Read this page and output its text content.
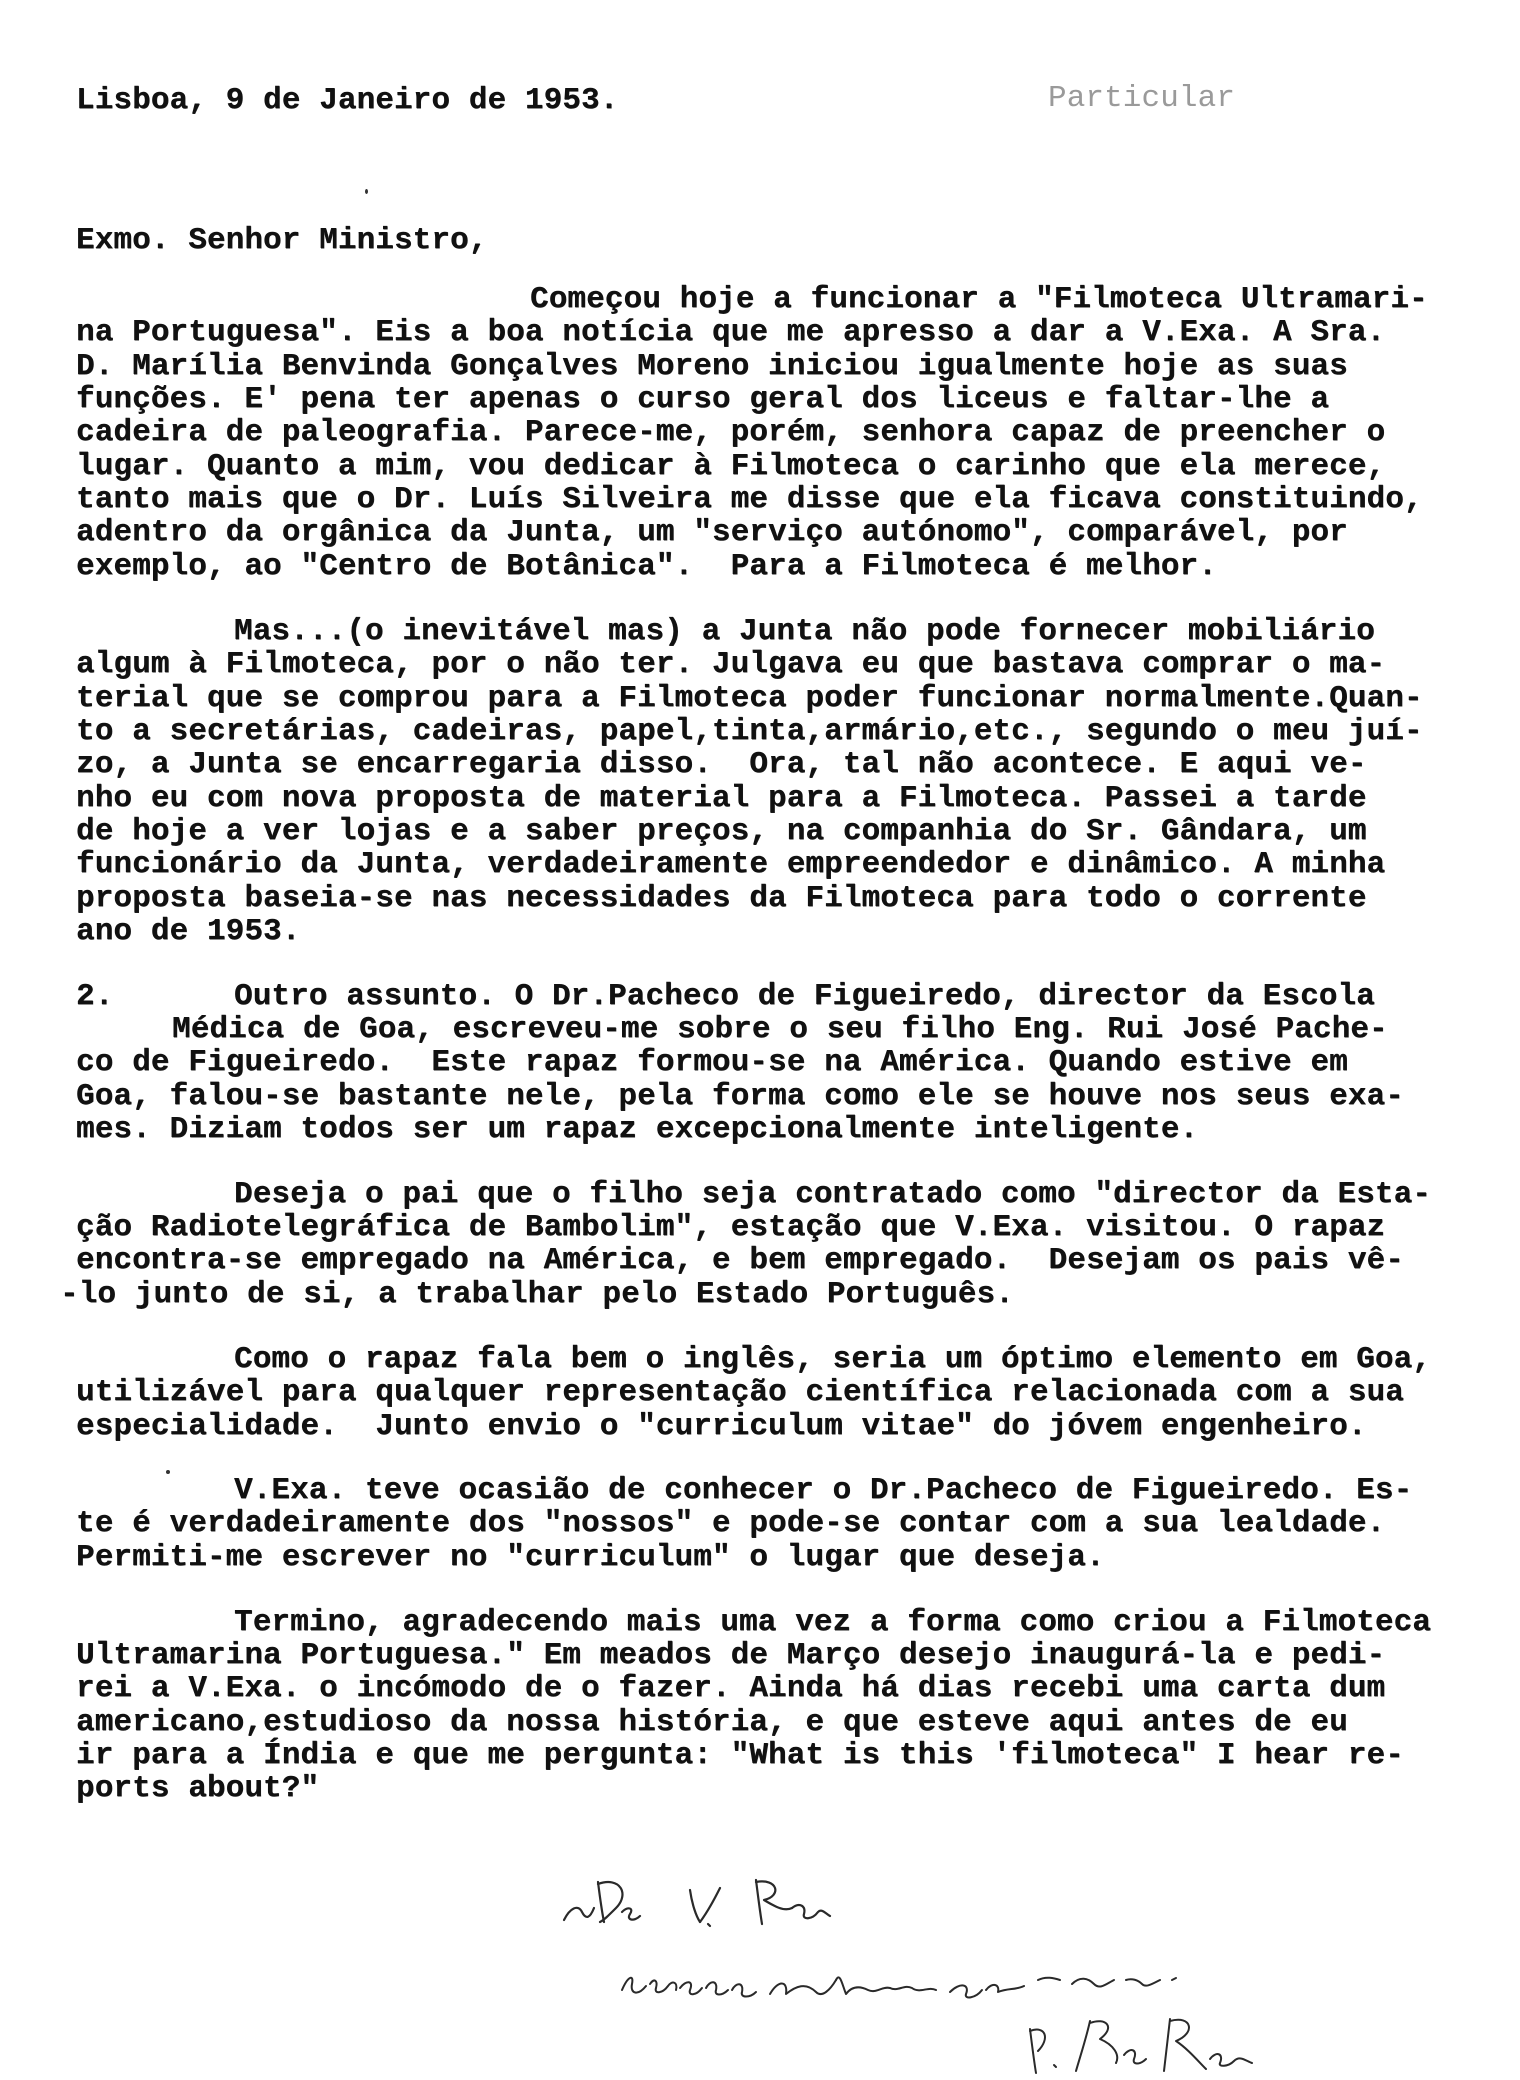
Lisboa, 9 de Janeiro de 1953.	Particular

Exmo. Senhor Ministro,

Começou hoje a funcionar a "Filmoteca Ultramari-

na Portuguesa". Eis a boa notícia que me apresso a dar a V.Exa. A Sra.

D. Marília Benvinda Gonçalves Moreno iniciou igualmente hoje as suas

funções. E' pena ter apenas o curso geral dos liceus e faltar-lhe a

cadeira de paleografia. Parece-me, porém, senhora capaz de preencher o

lugar. Quanto a mim, vou dedicar à Filmoteca o carinho que ela merece,

tanto mais que o Dr. Luís Silveira me disse que ela ficava constituindo,

adentro da orgânica da Junta, um "serviço autónomo", comparável, por

exemplo, ao "Centro de Botânica".  Para a Filmoteca é melhor.

Mas...(o inevitável mas) a Junta não pode fornecer mobiliário

algum à Filmoteca, por o não ter. Julgava eu que bastava comprar o ma-

terial que se comprou para a Filmoteca poder funcionar normalmente.Quan-

to a secretárias, cadeiras, papel,tinta,armário,etc., segundo o meu juí-

zo, a Junta se encarregaria disso.  Ora, tal não acontece. E aqui ve-

nho eu com nova proposta de material para a Filmoteca. Passei a tarde

de hoje a ver lojas e a saber preços, na companhia do Sr. Gândara, um

funcionário da Junta, verdadeiramente empreendedor e dinâmico. A minha

proposta baseia-se nas necessidades da Filmoteca para todo o corrente

ano de 1953.

2.	Outro assunto. O Dr.Pacheco de Figueiredo, director da Escola

Médica de Goa, escreveu-me sobre o seu filho Eng. Rui José Pache-

co de Figueiredo.  Este rapaz formou-se na América. Quando estive em

Goa, falou-se bastante nele, pela forma como ele se houve nos seus exa-

mes. Diziam todos ser um rapaz excepcionalmente inteligente.

Deseja o pai que o filho seja contratado como "director da Esta-

ção Radiotelegráfica de Bambolim", estação que V.Exa. visitou. O rapaz

encontra-se empregado na América, e bem empregado.  Desejam os pais vê-

-lo junto de si, a trabalhar pelo Estado Português.

Como o rapaz fala bem o inglês, seria um óptimo elemento em Goa,

utilizável para qualquer representação científica relacionada com a sua

especialidade.  Junto envio o "curriculum vitae" do jóvem engenheiro.

V.Exa. teve ocasião de conhecer o Dr.Pacheco de Figueiredo. Es-

te é verdadeiramente dos "nossos" e pode-se contar com a sua lealdade.

Permiti-me escrever no "curriculum" o lugar que deseja.

Termino, agradecendo mais uma vez a forma como criou a Filmoteca

Ultramarina Portuguesa." Em meados de Março desejo inaugurá-la e pedi-

rei a V.Exa. o incómodo de o fazer. Ainda há dias recebi uma carta dum

americano,estudioso da nossa história, e que esteve aqui antes de eu

ir para a Índia e que me pergunta: "What is this 'filmoteca" I hear re-

ports about?"
